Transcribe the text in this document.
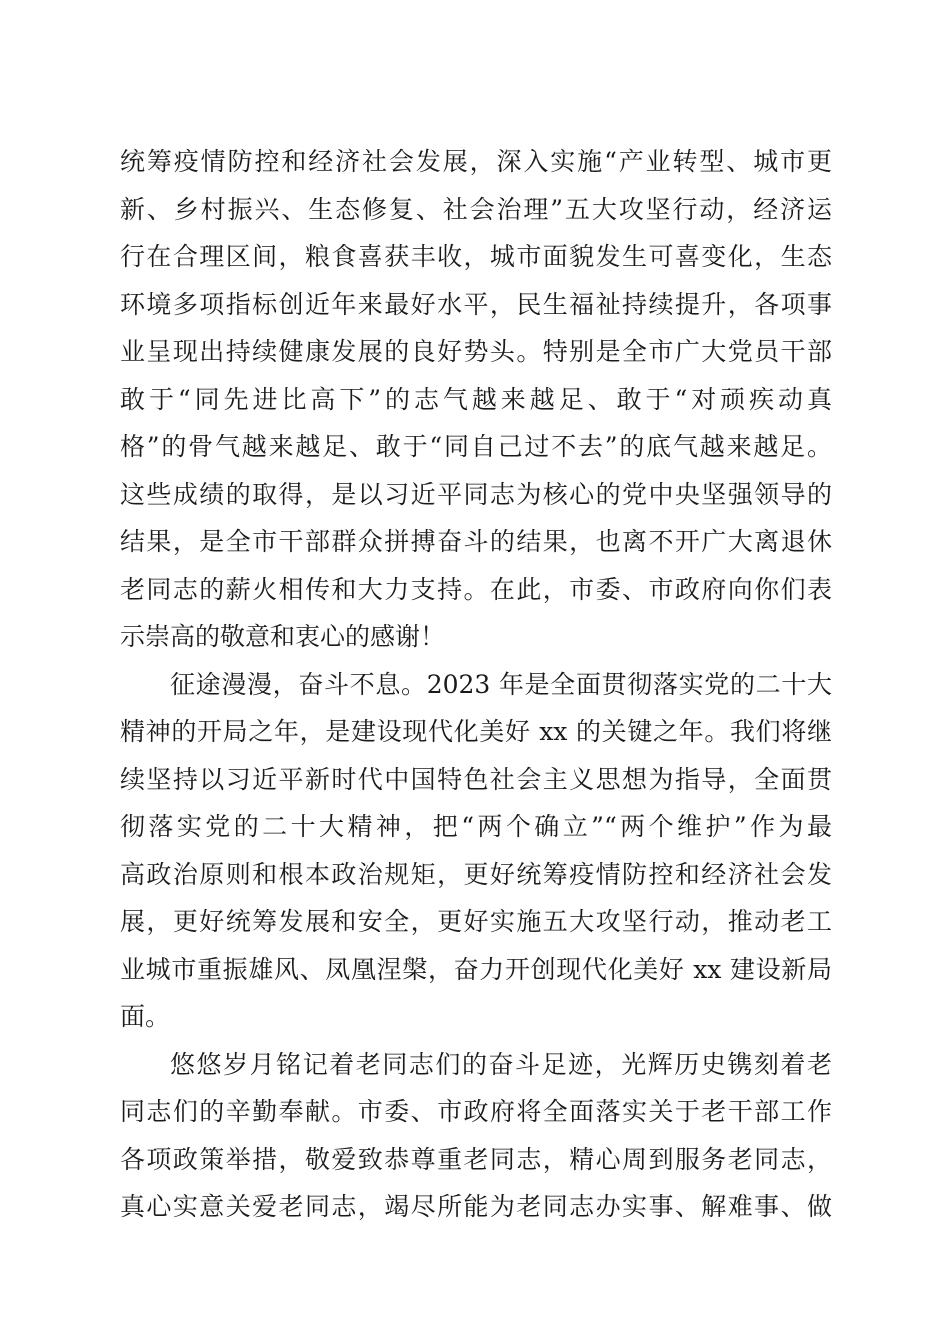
统筹疫情防控和经济社会发展，深入实施“产业转型、城市更
新、乡村振兴、生态修复、社会治理”五大攻坚行动，经济运
行在合理区间，粮食喜获丰收，城市面貌发生可喜变化，生态
环境多项指标创近年来最好水平，民生福祉持续提升，各项事
业呈现出持续健康发展的良好势头。特别是全市广大党员干部
敢于“同先进比高下”的志气越来越足、敢于“对顽疾动真
格”的骨气越来越足、敢于“同自己过不去”的底气越来越足。
这些成绩的取得，是以习近平同志为核心的党中央坚强领导的
结果，是全市干部群众拼搏奋斗的结果，也离不开广大离退休
老同志的薪火相传和大力支持。在此，市委、市政府向你们表
示崇高的敬意和衷心的感谢！
征途漫漫，奋斗不息。2023 年是全面贯彻落实党的二十大
精神的开局之年，是建设现代化美好 xx 的关键之年。我们将继
续坚持以习近平新时代中国特色社会主义思想为指导，全面贯
彻落实党的二十大精神，把“两个确立”“两个维护”作为最
高政治原则和根本政治规矩，更好统筹疫情防控和经济社会发
展，更好统筹发展和安全，更好实施五大攻坚行动，推动老工
业城市重振雄风、凤凰涅槃，奋力开创现代化美好 xx 建设新局
面。
悠悠岁月铭记着老同志们的奋斗足迹，光辉历史镌刻着老
同志们的辛勤奉献。市委、市政府将全面落实关于老干部工作
各项政策举措，敬爱致恭尊重老同志，精心周到服务老同志，
真心实意关爱老同志，竭尽所能为老同志办实事、解难事、做
